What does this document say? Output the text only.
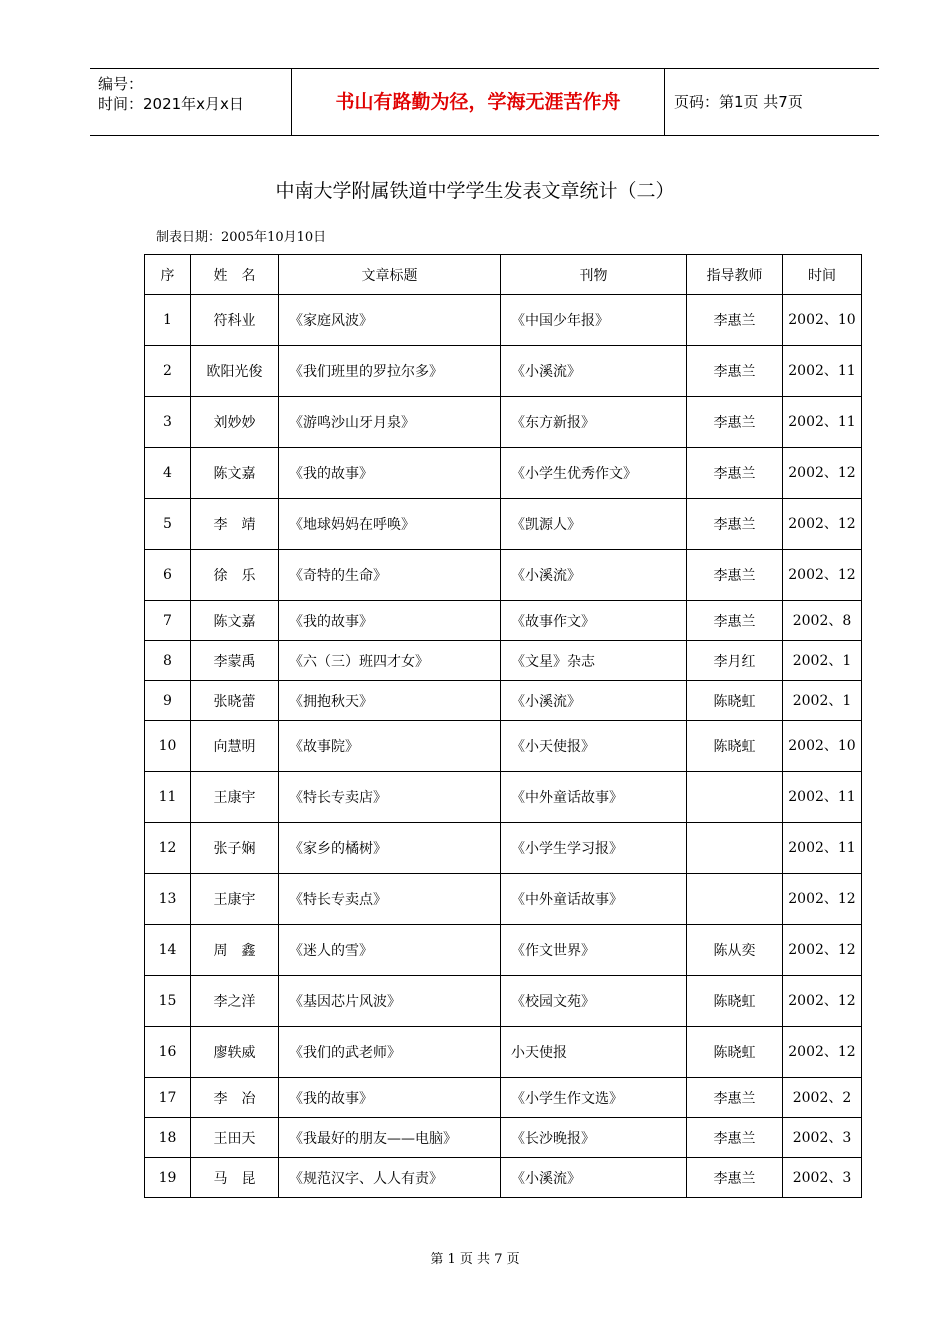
编号：
时间：2021年x月x日	书山有路勤为径，学海无涯苦作舟	页码：第1页 共7页
中南大学附属铁道中学学生发表文章统计（二）
制表日期：2005年10月10日
序	姓　名	文章标题	刊物	指导教师	时间
1	符科业	《家庭风波》	《中国少年报》	李惠兰	2002、10
2	欧阳光俊	《我们班里的罗拉尔多》	《小溪流》	李惠兰	2002、11
3	刘妙妙	《游鸣沙山牙月泉》	《东方新报》	李惠兰	2002、11
4	陈文嘉	《我的故事》	《小学生优秀作文》	李惠兰	2002、12
5	李　靖	《地球妈妈在呼唤》	《凯源人》	李惠兰	2002、12
6	徐　乐	《奇特的生命》	《小溪流》	李惠兰	2002、12
7	陈文嘉	《我的故事》	《故事作文》	李惠兰	2002、8
8	李蒙禹	《六（三）班四才女》	《文星》杂志	李月红	2002、1
9	张晓蕾	《拥抱秋天》	《小溪流》	陈晓虹	2002、1
10	向慧明	《故事院》	《小天使报》	陈晓虹	2002、10
11	王康宇	《特长专卖店》	《中外童话故事》		2002、11
12	张子娴	《家乡的橘树》	《小学生学习报》		2002、11
13	王康宇	《特长专卖点》	《中外童话故事》		2002、12
14	周　鑫	《迷人的雪》	《作文世界》	陈从奕	2002、12
15	李之洋	《基因芯片风波》	《校园文苑》	陈晓虹	2002、12
16	廖轶威	《我们的武老师》	小天使报	陈晓虹	2002、12
17	李　冶	《我的故事》	《小学生作文选》	李惠兰	2002、2
18	王田天	《我最好的朋友——电脑》	《长沙晚报》	李惠兰	2002、3
19	马　昆	《规范汉字、人人有责》	《小溪流》	李惠兰	2002、3
第 1 页 共 7 页
